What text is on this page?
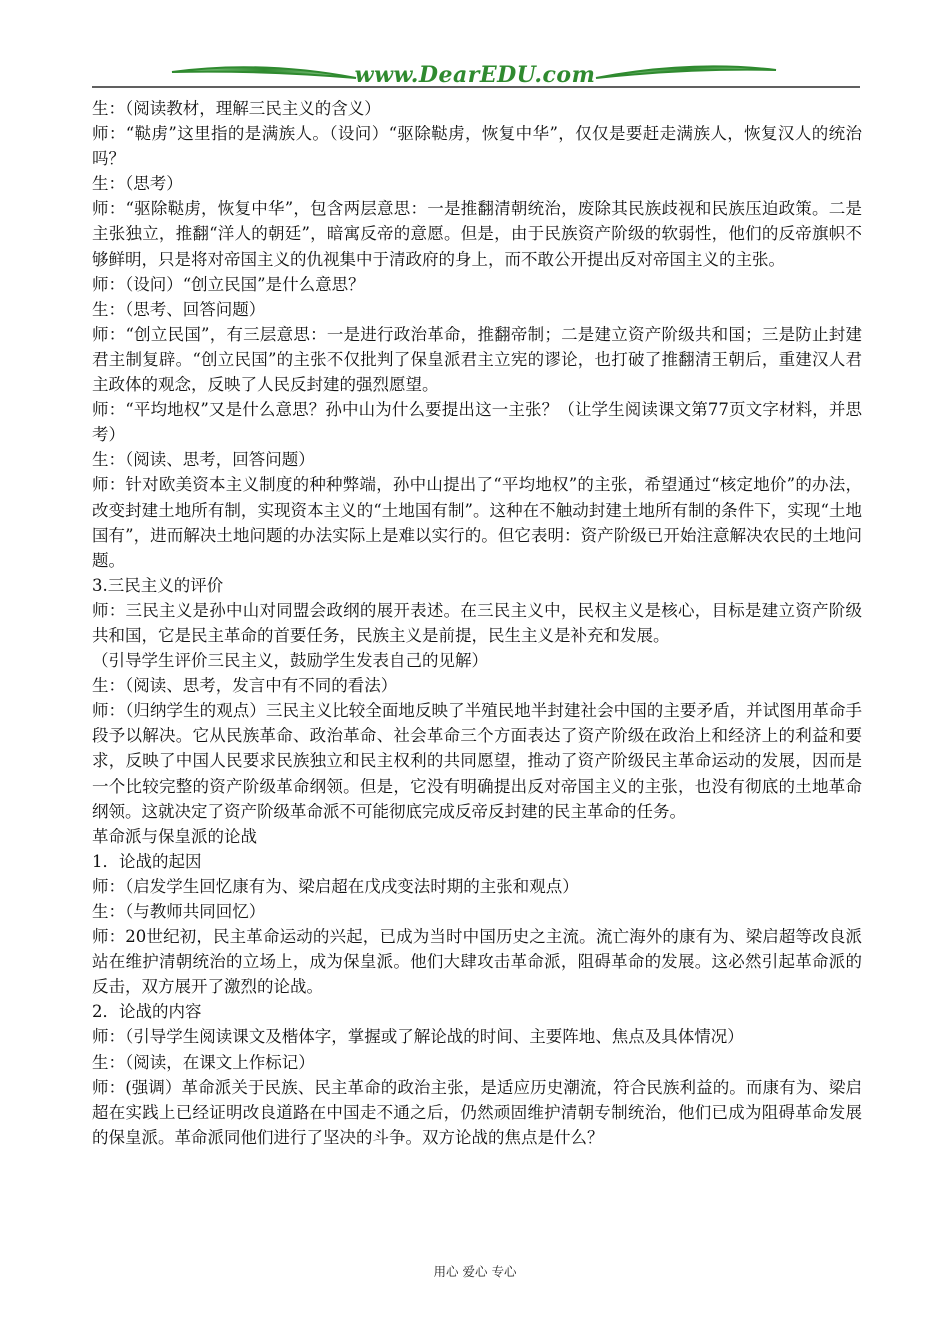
www.DearEDU.com

生：（阅读教材，理解三民主义的含义）

师：“鞑虏”这里指的是满族人。（设问）“驱除鞑虏，恢复中华”，仅仅是要赶走满族人，恢复汉人的统治吗？

生：（思考）

师：“驱除鞑虏，恢复中华”，包含两层意思：一是推翻清朝统治，废除其民族歧视和民族压迫政策。二是主张独立，推翻“洋人的朝廷”，暗寓反帝的意愿。但是，由于民族资产阶级的软弱性，他们的反帝旗帜不够鲜明，只是将对帝国主义的仇视集中于清政府的身上，而不敢公开提出反对帝国主义的主张。

师：（设问）“创立民国”是什么意思？

生：（思考、回答问题）

师：“创立民国”，有三层意思：一是进行政治革命，推翻帝制；二是建立资产阶级共和国；三是防止封建君主制复辟。“创立民国”的主张不仅批判了保皇派君主立宪的谬论，也打破了推翻清王朝后，重建汉人君主政体的观念，反映了人民反封建的强烈愿望。

师：“平均地权”又是什么意思？孙中山为什么要提出这一主张？（让学生阅读课文第77页文字材料，并思考）

生：（阅读、思考，回答问题）

师：针对欧美资本主义制度的种种弊端，孙中山提出了“平均地权”的主张，希望通过“核定地价”的办法，改变封建土地所有制，实现资本主义的“土地国有制”。这种在不触动封建土地所有制的条件下，实现“土地国有”，进而解决土地问题的办法实际上是难以实行的。但它表明：资产阶级已开始注意解决农民的土地问题。

3.三民主义的评价

师：三民主义是孙中山对同盟会政纲的展开表述。在三民主义中，民权主义是核心，目标是建立资产阶级共和国，它是民主革命的首要任务，民族主义是前提，民生主义是补充和发展。

（引导学生评价三民主义，鼓励学生发表自己的见解）

生：（阅读、思考，发言中有不同的看法）

师：（归纳学生的观点）三民主义比较全面地反映了半殖民地半封建社会中国的主要矛盾，并试图用革命手段予以解决。它从民族革命、政治革命、社会革命三个方面表达了资产阶级在政治上和经济上的利益和要求，反映了中国人民要求民族独立和民主权利的共同愿望，推动了资产阶级民主革命运动的发展，因而是一个比较完整的资产阶级革命纲领。但是，它没有明确提出反对帝国主义的主张，也没有彻底的土地革命纲领。这就决定了资产阶级革命派不可能彻底完成反帝反封建的民主革命的任务。

革命派与保皇派的论战

1．论战的起因

师：（启发学生回忆康有为、梁启超在戊戌变法时期的主张和观点）

生：（与教师共同回忆）

师：20世纪初，民主革命运动的兴起，已成为当时中国历史之主流。流亡海外的康有为、梁启超等改良派站在维护清朝统治的立场上，成为保皇派。他们大肆攻击革命派，阻碍革命的发展。这必然引起革命派的反击，双方展开了激烈的论战。

2．论战的内容

师：（引导学生阅读课文及楷体字，掌握或了解论战的时间、主要阵地、焦点及具体情况）

生：（阅读，在课文上作标记）

师：(强调）革命派关于民族、民主革命的政治主张，是适应历史潮流，符合民族利益的。而康有为、梁启超在实践上已经证明改良道路在中国走不通之后，仍然顽固维护清朝专制统治，他们已成为阻碍革命发展的保皇派。革命派同他们进行了坚决的斗争。双方论战的焦点是什么？

用心 爱心 专心
